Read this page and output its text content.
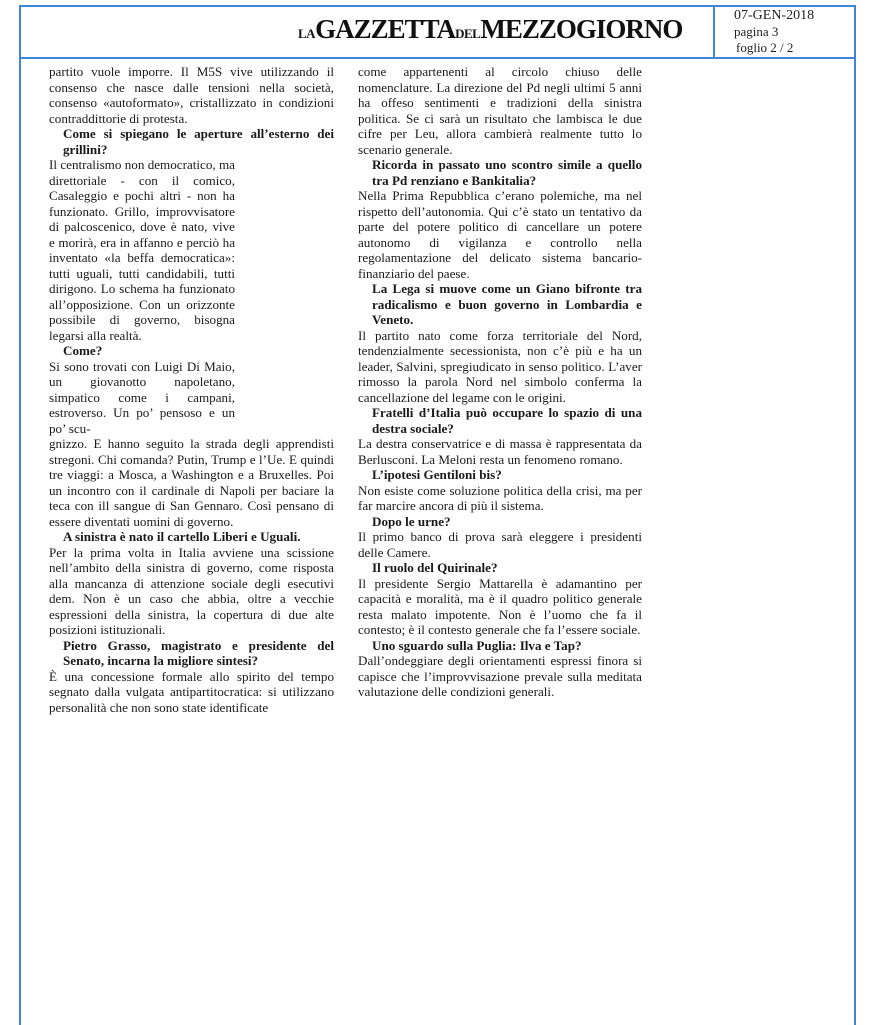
LAGAZZETTADELMEZZOGIORNO	07-GEN-2018
pagina 3
foglio 2 / 2

partito vuole imporre. Il M5S vive utilizzando il consenso che nasce dalle tensioni nella società, consenso «autoformato», cristallizzato in condizioni contraddittorie di protesta.

Come si spiegano le aperture all’esterno dei grillini?

Il centralismo non democratico, ma direttoriale - con il comico, Casaleggio e pochi altri - non ha funzionato. Grillo, improvvisatore di palcoscenico, dove è nato, vive e morirà, era in affanno e perciò ha inventato «la beffa democratica»: tutti uguali, tutti candidabili, tutti dirigono. Lo schema ha funzionato all’opposizione. Con un orizzonte possibile di governo, bisogna legarsi alla realtà.

Come?

Si sono trovati con Luigi Di Maio, un giovanotto napoletano, simpatico come i campani, estroverso. Un po’ pensoso e un po’ scu-

gnizzo. E hanno seguito la strada degli apprendisti stregoni. Chi comanda? Putin, Trump e l’Ue. E quindi tre viaggi: a Mosca, a Washington e a Bruxelles. Poi un incontro con il cardinale di Napoli per baciare la teca con ill sangue di San Gennaro. Così pensano di essere diventati uomini di governo.

A sinistra è nato il cartello Liberi e Uguali.

Per la prima volta in Italia avviene una scissione nell’ambito della sinistra di governo, come risposta alla mancanza di attenzione sociale degli esecutivi dem. Non è un caso che abbia, oltre a vecchie espressioni della sinistra, la copertura di due alte posizioni istituzionali.

Pietro Grasso, magistrato e presidente del Senato, incarna la migliore sintesi?

È una concessione formale allo spirito del tempo segnato dalla vulgata antipartitocratica: si utilizzano personalità che non sono state identificate

come appartenenti al circolo chiuso delle nomenclature. La direzione del Pd negli ultimi 5 anni ha offeso sentimenti e tradizioni della sinistra politica. Se ci sarà un risultato che lambisca le due cifre per Leu, allora cambierà realmente tutto lo scenario generale.

Ricorda in passato uno scontro simile a quello tra Pd renziano e Bankitalia?

Nella Prima Repubblica c’erano polemiche, ma nel rispetto dell’autonomia. Qui c’è stato un tentativo da parte del potere politico di cancellare un potere autonomo di vigilanza e controllo nella regolamentazione del delicato sistema bancario-finanziario del paese.

La Lega si muove come un Giano bifronte tra radicalismo e buon governo in Lombardia e Veneto.

Il partito nato come forza territoriale del Nord, tendenzialmente secessionista, non c’è più e ha un leader, Salvini, spregiudicato in senso politico. L’aver rimosso la parola Nord nel simbolo conferma la cancellazione del legame con le origini.

Fratelli d’Italia può occupare lo spazio di una destra sociale?

La destra conservatrice e di massa è rappresentata da Berlusconi. La Meloni resta un fenomeno romano.

L’ipotesi Gentiloni bis?

Non esiste come soluzione politica della crisi, ma per far marcire ancora di più il sistema.

Dopo le urne?

Il primo banco di prova sarà eleggere i presidenti delle Camere.

Il ruolo del Quirinale?

Il presidente Sergio Mattarella è adamantino per capacità e moralità, ma è il quadro politico generale resta malato impotente. Non è l’uomo che fa il contesto; è il contesto generale che fa l’essere sociale.

Uno sguardo sulla Puglia: Ilva e Tap?

Dall’ondeggiare degli orientamenti espressi finora si capisce che l’improvvisazione prevale sulla meditata valutazione delle condizioni generali.
